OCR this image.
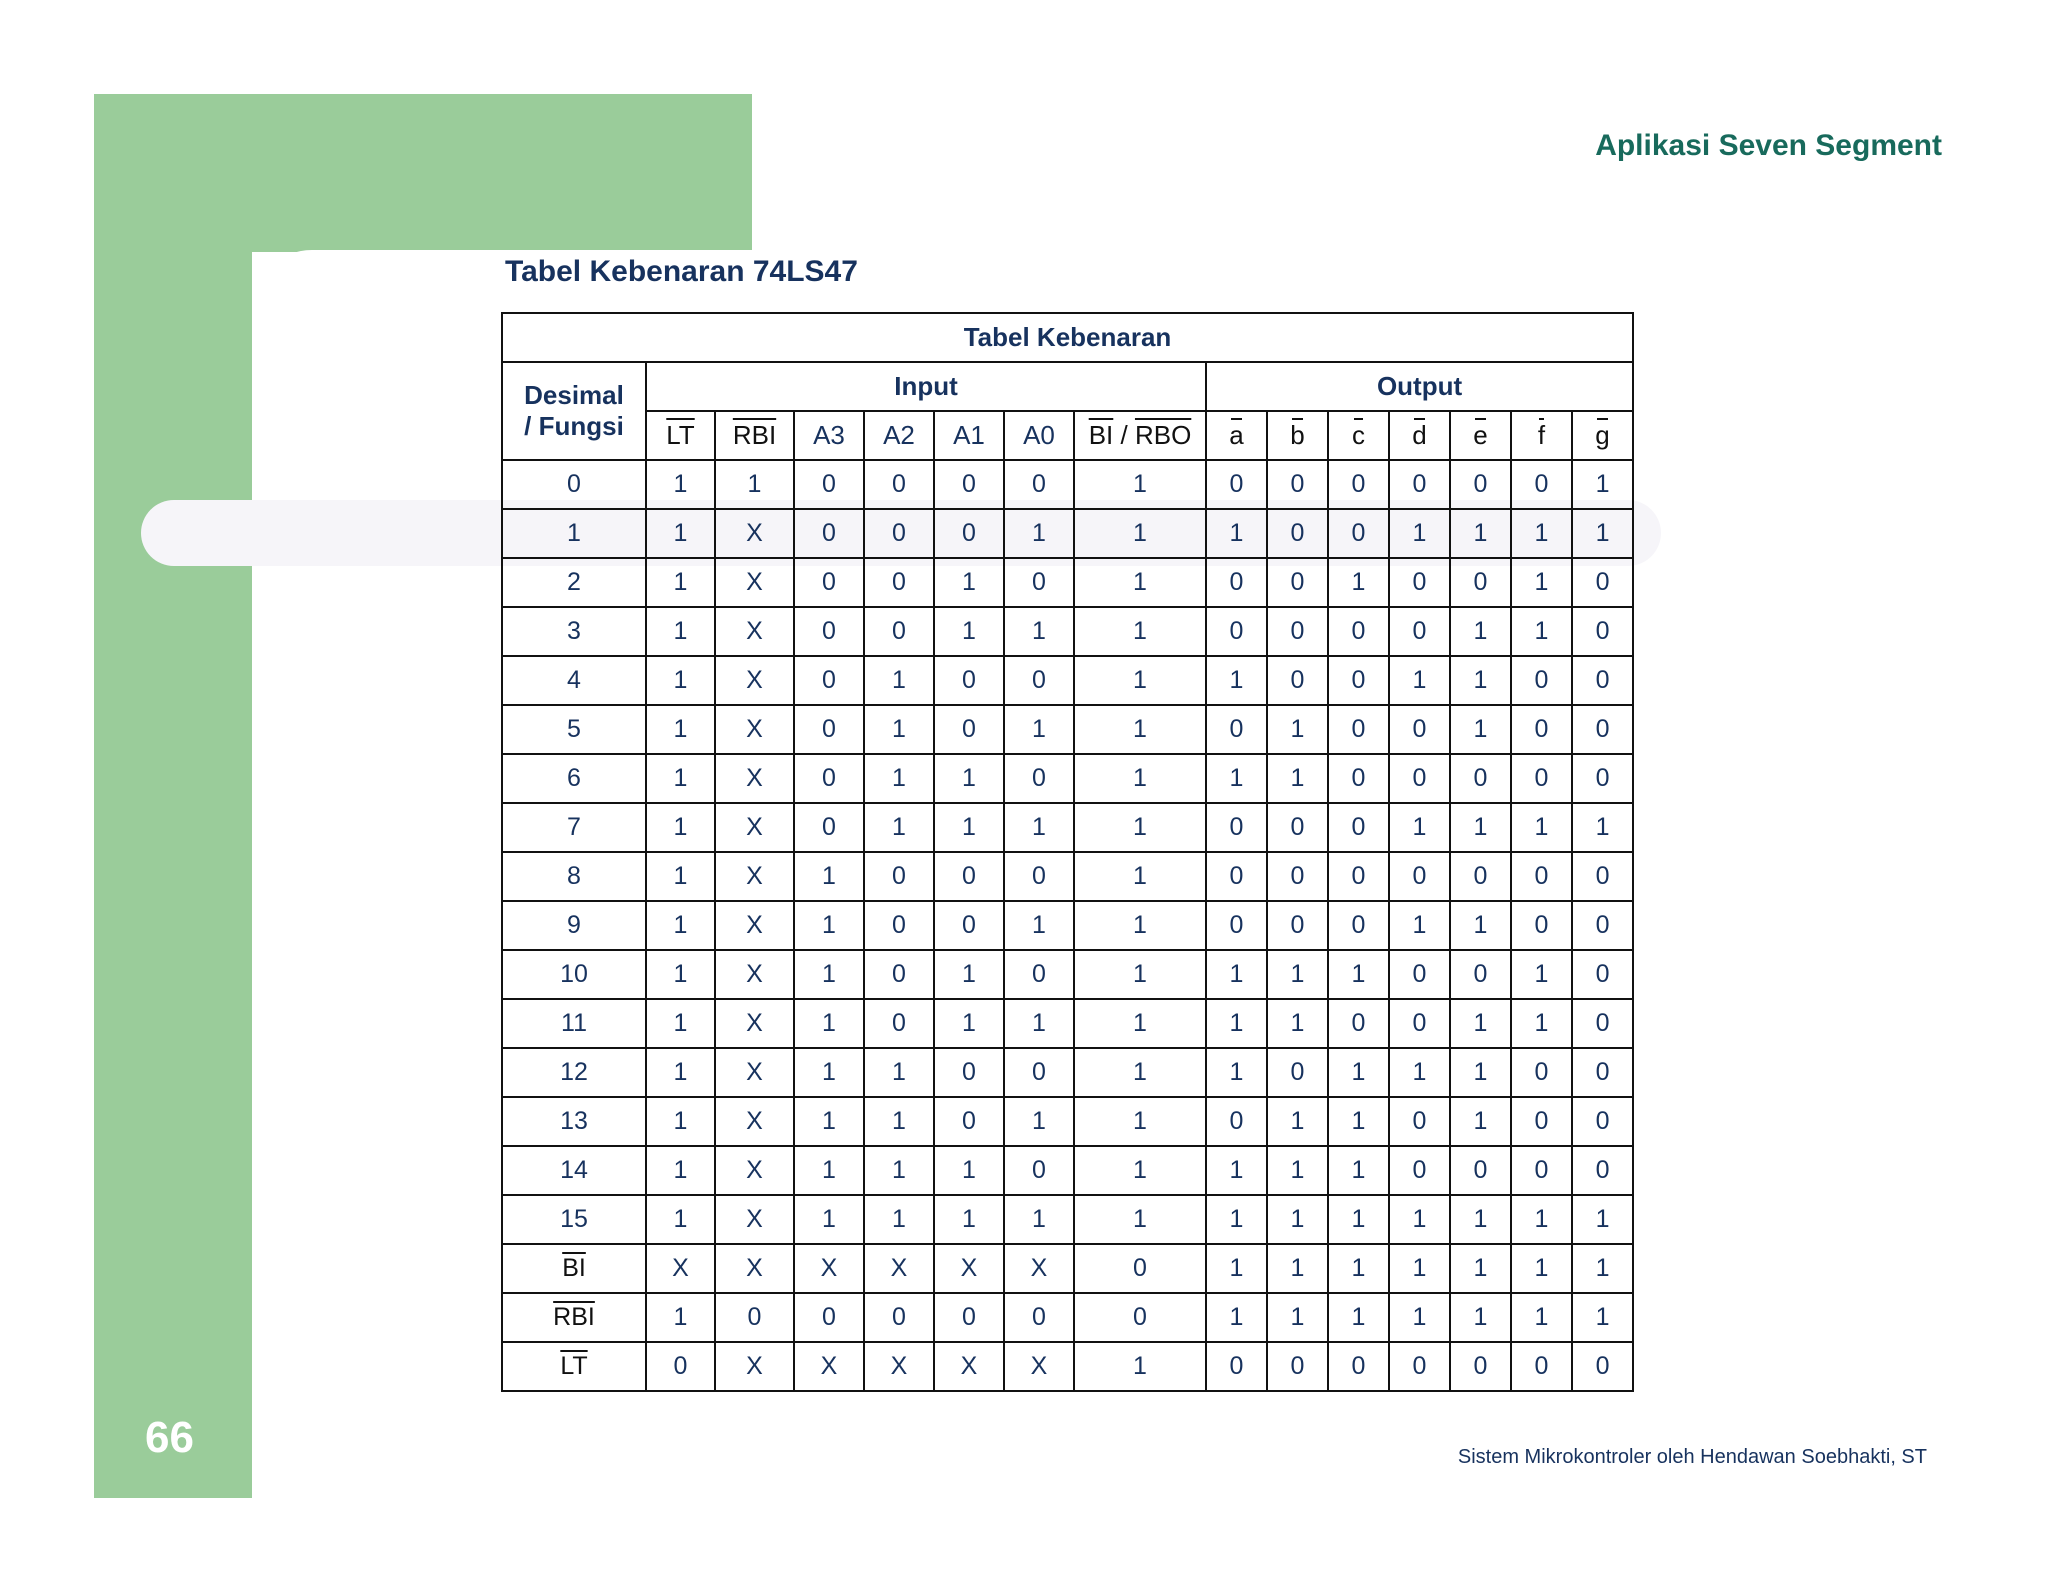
Aplikasi Seven Segment
Tabel Kebenaran 74LS47
Tabel Kebenaran														
Desimal
/ Fungsi	Input							Output						
	$\overline{LT}$	$\overline{RBI}$	A3	A2	A1	A0	$\overline{BI} / \overline{RBO}$	a	b	c	d	e	f	g
0	1	1	0	0	0	0	1	0	0	0	0	0	0	1
1	1	X	0	0	0	1	1	1	0	0	1	1	1	1
2	1	X	0	0	1	0	1	0	0	1	0	0	1	0
3	1	X	0	0	1	1	1	0	0	0	0	1	1	0
4	1	X	0	1	0	0	1	1	0	0	1	1	0	0
5	1	X	0	1	0	1	1	0	1	0	0	1	0	0
6	1	X	0	1	1	0	1	1	1	0	0	0	0	0
7	1	X	0	1	1	1	1	0	0	0	1	1	1	1
8	1	X	1	0	0	0	1	0	0	0	0	0	0	0
9	1	X	1	0	0	1	1	0	0	0	1	1	0	0
10	1	X	1	0	1	0	1	1	1	1	0	0	1	0
11	1	X	1	0	1	1	1	1	1	0	0	1	1	0
12	1	X	1	1	0	0	1	1	0	1	1	1	0	0
13	1	X	1	1	0	1	1	0	1	1	0	1	0	0
14	1	X	1	1	1	0	1	1	1	1	0	0	0	0
15	1	X	1	1	1	1	1	1	1	1	1	1	1	1
$\overline{BI}$	X	X	X	X	X	X	0	1	1	1	1	1	1	1
$\overline{RBI}$	1	0	0	0	0	0	0	1	1	1	1	1	1	1
$\overline{LT}$	0	X	X	X	X	X	1	0	0	0	0	0	0	0
66	Sistem Mikrokontroler oleh Hendawan Soebhakti, ST
